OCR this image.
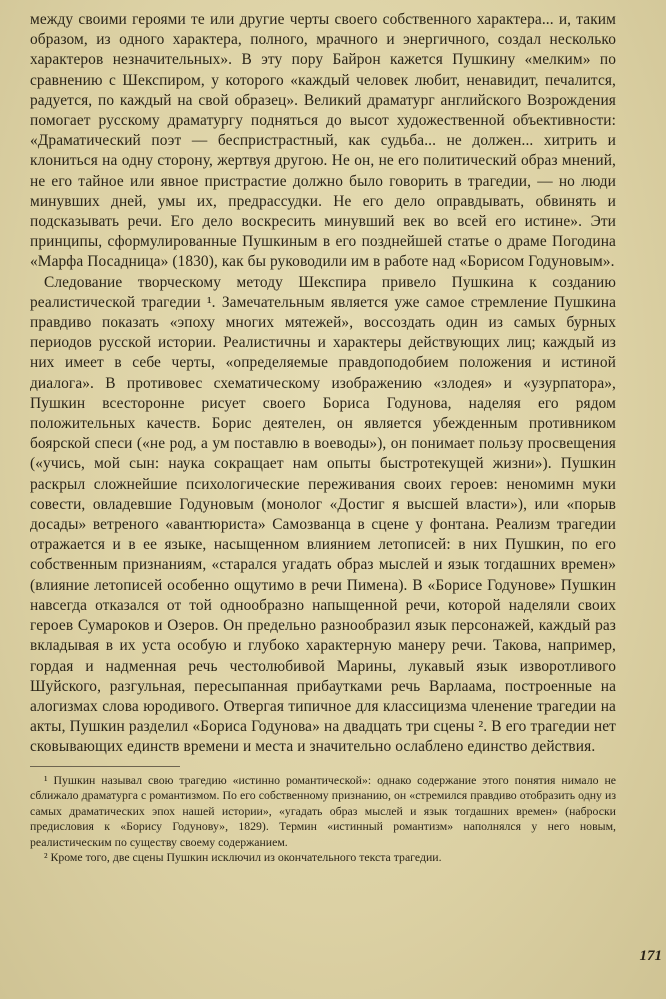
между своими героями те или другие черты своего собственного характера... и, таким образом, из одного характера, полного, мрачного и энергичного, создал несколько характеров незначительных». В эту пору Байрон кажется Пушкину «мелким» по сравнению с Шекспиром, у которого «каждый человек любит, ненавидит, печалится, радуется, по каждый на свой образец». Великий драматург английского Возрождения помогает русскому драматургу подняться до высот художественной объективности: «Драматический поэт — беспристрастный, как судьба... не должен... хитрить и клониться на одну сторону, жертвуя другою. Не он, не его политический образ мнений, не его тайное или явное пристрастие должно было говорить в трагедии, — но люди минувших дней, умы их, предрассудки. Не его дело оправдывать, обвинять и подсказывать речи. Его дело воскресить минувший век во всей его истине». Эти принципы, сформулированные Пушкиным в его позднейшей статье о драме Погодина «Марфа Посадница» (1830), как бы руководили им в работе над «Борисом Годуновым».

Следование творческому методу Шекспира привело Пушкина к созданию реалистической трагедии ¹. Замечательным является уже самое стремление Пушкина правдиво показать «эпоху многих мятежей», воссоздать один из самых бурных периодов русской истории. Реалистичны и характеры действующих лиц; каждый из них имеет в себе черты, «определяемые правдоподобием положения и истиной диалога». В противовес схематическому изображению «злодея» и «узурпатора», Пушкин всесторонне рисует своего Бориса Годунова, наделяя его рядом положительных качеств. Борис деятелен, он является убежденным противником боярской спеси («не род, а ум поставлю в воеводы»), он понимает пользу просвещения («учись, мой сын: наука сокращает нам опыты быстротекущей жизни»). Пушкин раскрыл сложнейшие психологические переживания своих героев: неномимн муки совести, овладевшие Годуновым (монолог «Достиг я высшей власти»), или «порыв досады» ветреного «авантюриста» Самозванца в сцене у фонтана. Реализм трагедии отражается и в ее языке, насыщенном влиянием летописей: в них Пушкин, по его собственным признаниям, «старался угадать образ мыслей и язык тогдашних времен» (влияние летописей особенно ощутимо в речи Пимена). В «Борисе Годунове» Пушкин навсегда отказался от той однообразно напыщенной речи, которой наделяли своих героев Сумароков и Озеров. Он предельно разнообразил язык персонажей, каждый раз вкладывая в их уста особую и глубоко характерную манеру речи. Такова, например, гордая и надменная речь честолюбивой Марины, лукавый язык изворотливого Шуйского, разгульная, пересыпанная прибаутками речь Варлаама, построенные на алогизмах слова юродивого. Отвергая типичное для классицизма членение трагедии на акты, Пушкин разделил «Бориса Годунова» на двадцать три сцены ². В его трагедии нет сковывающих единств времени и места и значительно ослаблено единство действия.

¹ Пушкин называл свою трагедию «истинно романтической»: однако содержание этого понятия нимало не сближало драматурга с романтизмом. По его собственному признанию, он «стремился правдиво отобразить одну из самых драматических эпох нашей истории», «угадать образ мыслей и язык тогдашних времен» (наброски предисловия к «Борису Годунову», 1829). Термин «истинный романтизм» наполнялся у него новым, реалистическим по существу своему содержанием.

² Кроме того, две сцены Пушкин исключил из окончательного текста трагедии.

171
